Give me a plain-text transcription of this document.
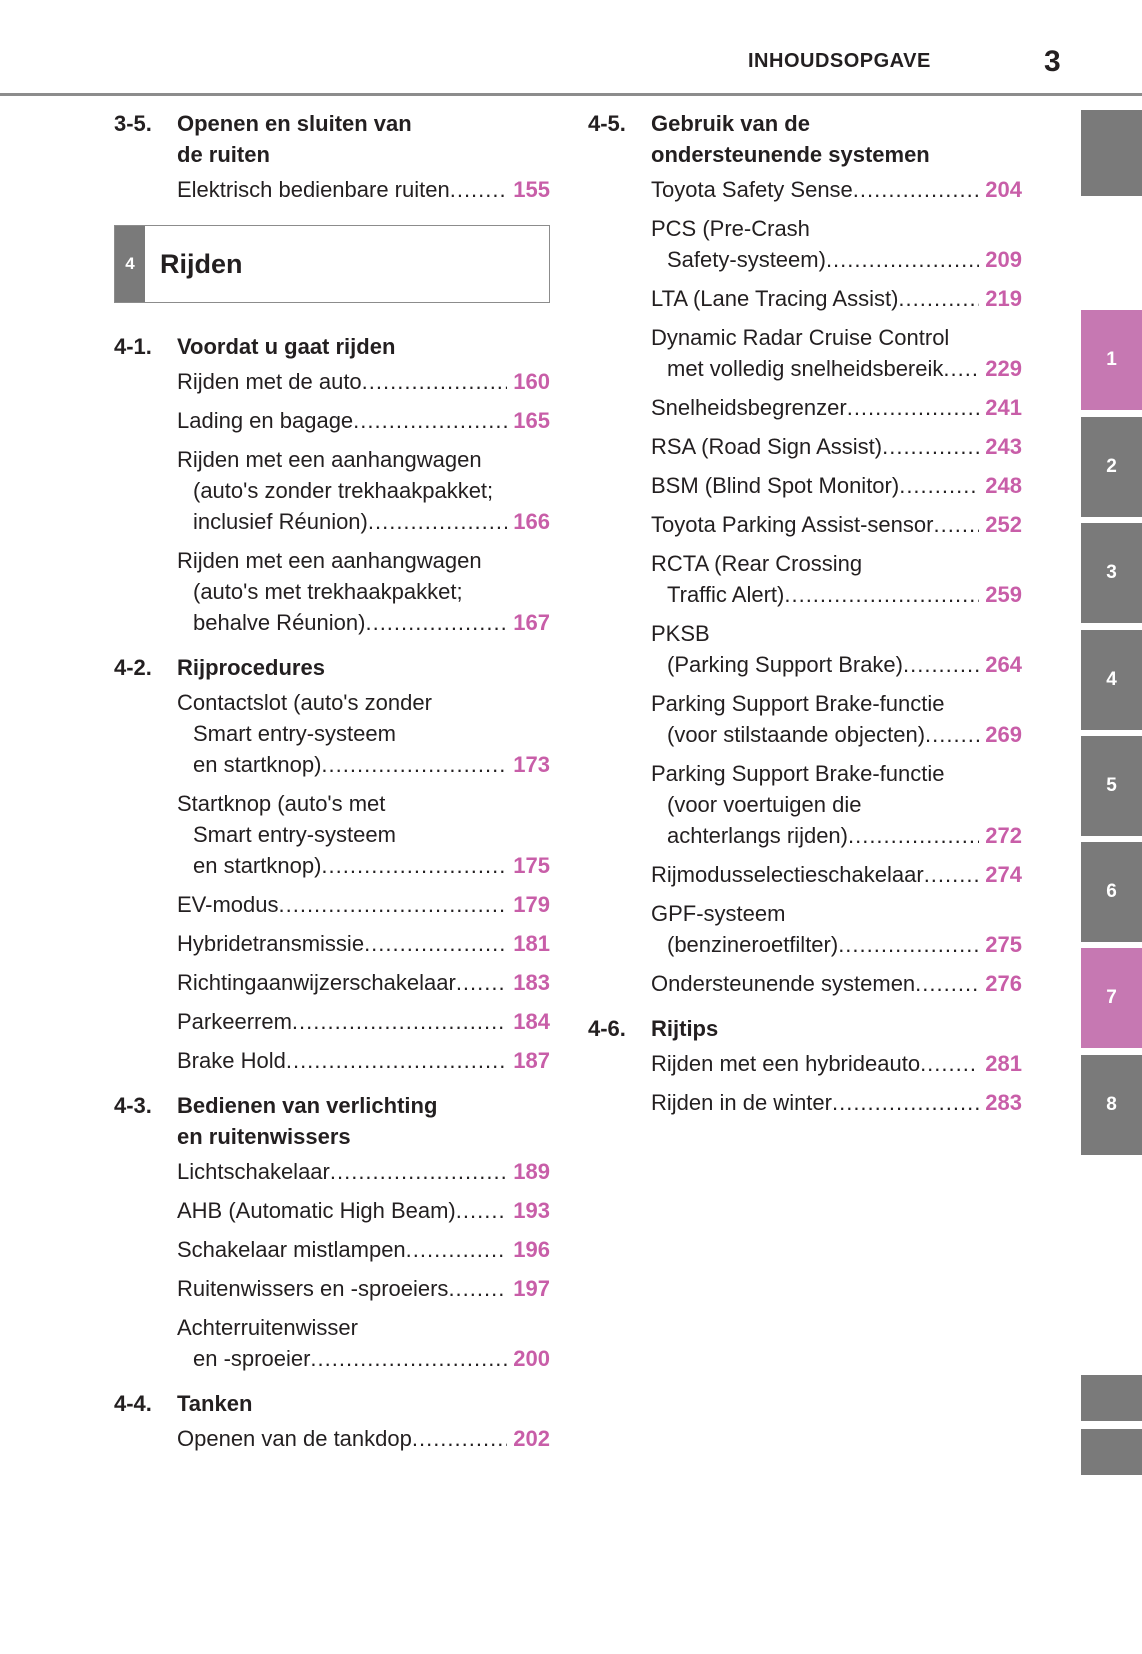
INHOUDSOPGAVE	3
3-5.	Openen en sluiten van
de ruiten
Elektrisch bedienbare ruiten .....	155
4 Rijden
4-1.	Voordat u gaat rijden
Rijden met de auto .....	160
Lading en bagage .....	165
Rijden met een aanhangwagen
(auto's zonder trekhaakpakket;
inclusief Réunion) .....	166
Rijden met een aanhangwagen
(auto's met trekhaakpakket;
behalve Réunion) .....	167
4-2.	Rijprocedures
Contactslot (auto's zonder
Smart entry-systeem
en startknop) .....	173
Startknop (auto's met
Smart entry-systeem
en startknop) .....	175
EV-modus .....	179
Hybridetransmissie .....	181
Richtingaanwijzerschakelaar .....	183
Parkeerrem .....	184
Brake Hold .....	187
4-3.	Bedienen van verlichting
en ruitenwissers
Lichtschakelaar .....	189
AHB (Automatic High Beam) .....	193
Schakelaar mistlampen .....	196
Ruitenwissers en -sproeiers .....	197
Achterruitenwisser
en -sproeier .....	200
4-4.	Tanken
Openen van de tankdop .....	202
4-5.	Gebruik van de
ondersteunende systemen
Toyota Safety Sense .....	204
PCS (Pre-Crash
Safety-systeem) .....	209
LTA (Lane Tracing Assist) .....	219
Dynamic Radar Cruise Control
met volledig snelheidsbereik ..... 229
Snelheidsbegrenzer .....	241
RSA (Road Sign Assist) .....	243
BSM (Blind Spot Monitor) .....	248
Toyota Parking Assist-sensor ..... 252
RCTA (Rear Crossing
Traffic Alert) .....	259
PKSB
(Parking Support Brake) .....	264
Parking Support Brake-functie
(voor stilstaande objecten) .....	269
Parking Support Brake-functie
(voor voertuigen die
achterlangs rijden) .....	272
Rijmodusselectieschakelaar .....	274
GPF-systeem
(benzineroetfilter) .....	275
Ondersteunende systemen .....	276
4-6.	Rijtips
Rijden met een hybrideauto .....	281
Rijden in de winter .....	283
1
2
3
4
5
6
7
8
